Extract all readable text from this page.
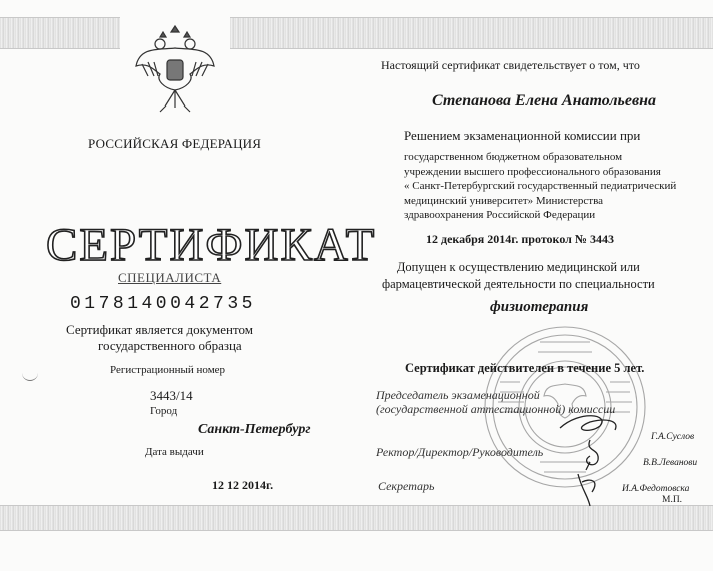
РОССИЙСКАЯ ФЕДЕРАЦИЯ
СЕРТИФИКАТ
СПЕЦИАЛИСТА
0178140042735
Сертификат является документом
государственного образца
Регистрационный номер
3443/14
Город
Санкт-Петербург
Дата выдачи
12 12 2014г.
Настоящий сертификат свидетельствует о том, что
Степанова Елена Анатольевна
Решением экзаменационной комиссии при
государственном бюджетном образовательном
учреждении высшего профессионального образования
« Санкт-Петербургский государственный педиатрический
медицинский университет» Министерства
здравоохранения Российской Федерации
12 декабря 2014г. протокол № 3443
Допущен к осуществлению медицинской или
фармацевтической деятельности по специальности
физиотерапия
Сертификат действителен в течение 5 лет.
Председатель экзаменационной
(государственной аттестационной) комиссии
Ректор/Директор/Руководитель
Секретарь
Г.А.Суслов
В.В.Леванови
И.А.Федотовска
М.П.
